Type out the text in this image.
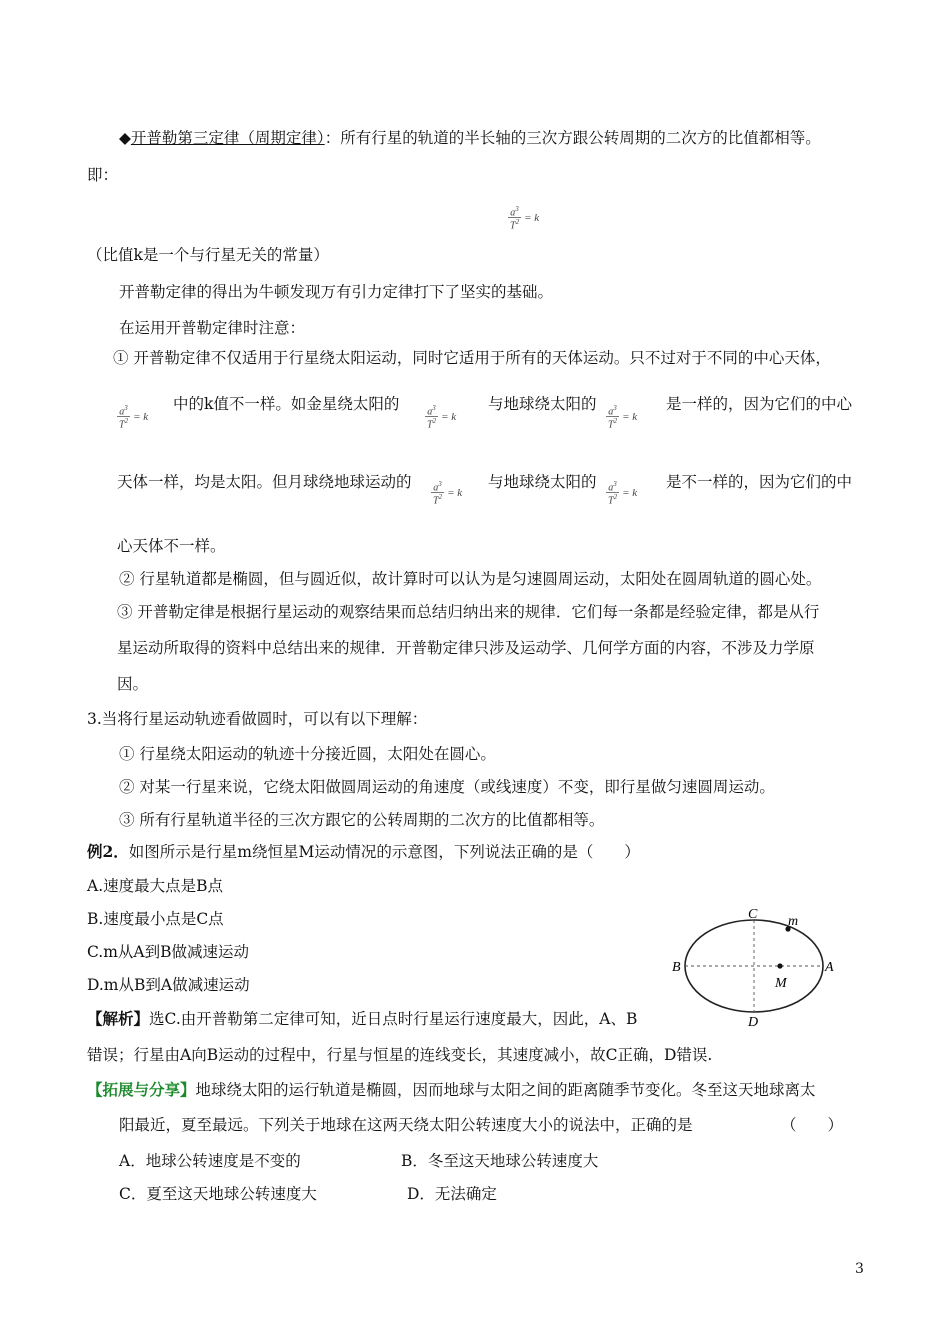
◆开普勒第三定律（周期定律）：所有行星的轨道的半长轴的三次方跟公转周期的二次方的比值都相等。
即：
$\frac{a^3}{T^2} = k$
（比值k是一个与行星无关的常量）
开普勒定律的得出为牛顿发现万有引力定律打下了坚实的基础。
在运用开普勒定律时注意：
① 开普勒定律不仅适用于行星绕太阳运动，同时它适用于所有的天体运动。只不过对于不同的中心天体，
$\frac{a^3}{T^2} = k$
中的k值不一样。如金星绕太阳的	$\frac{a^3}{T^2} = k$
与地球绕太阳的 $\frac{a^3}{T^2} = k$
是一样的，因为它们的中心
天体一样，均是太阳。但月球绕地球运动的 $\frac{a^3}{T^2} = k$
与地球绕太阳的 $\frac{a^3}{T^2} = k$
是不一样的，因为它们的中
心天体不一样。
② 行星轨道都是椭圆，但与圆近似，故计算时可以认为是匀速圆周运动，太阳处在圆周轨道的圆心处。
③ 开普勒定律是根据行星运动的观察结果而总结归纳出来的规律．它们每一条都是经验定律，都是从行
星运动所取得的资料中总结出来的规律．开普勒定律只涉及运动学、几何学方面的内容，不涉及力学原
因。
3.当将行星运动轨迹看做圆时，可以有以下理解：
① 行星绕太阳运动的轨迹十分接近圆，太阳处在圆心。
② 对某一行星来说，它绕太阳做圆周运动的角速度（或线速度）不变，即行星做匀速圆周运动。
③ 所有行星轨道半径的三次方跟它的公转周期的二次方的比值都相等。
例2．如图所示是行星m绕恒星M运动情况的示意图，下列说法正确的是（　　）
A.速度最大点是B点
B.速度最小点是C点
C.m从A到B做减速运动
D.m从B到A做减速运动
【解析】选C.由开普勒第二定律可知，近日点时行星运行速度最大，因此，A、B
错误；行星由A向B运动的过程中，行星与恒星的连线变长，其速度减小，故C正确，D错误.
C m
B	A
M
D
【拓展与分享】地球绕太阳的运行轨道是椭圆，因而地球与太阳之间的距离随季节变化。冬至这天地球离太
阳最近，夏至最远。下列关于地球在这两天绕太阳公转速度大小的说法中，正确的是	（　　）
A．地球公转速度是不变的	B．冬至这天地球公转速度大
C．夏至这天地球公转速度大	D．无法确定
3
